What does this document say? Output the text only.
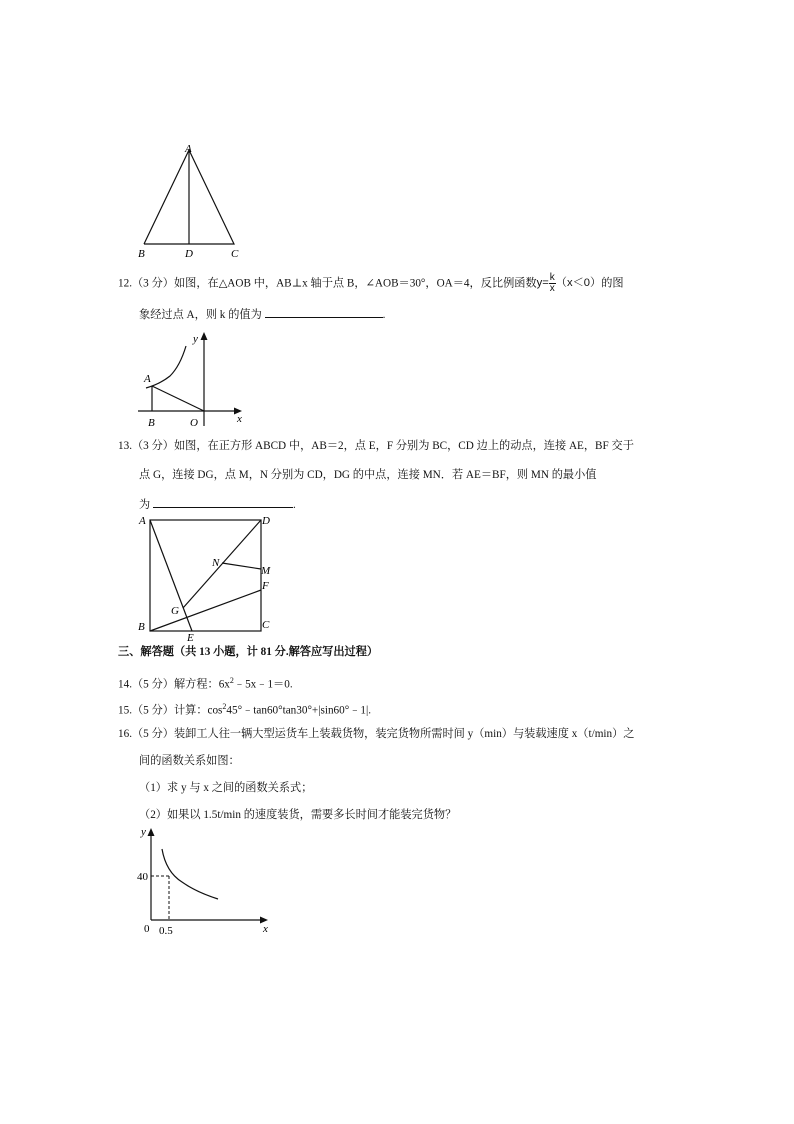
A
B	D	C
12.（3 分）如图，在△AOB 中，AB⊥x 轴于点 B，∠AOB＝30°，OA＝4，反比例函数$y= \frac{k}{x} (x<0)$的图
象经过点 A，则 k 的值为	.
y
A
B	O	x
13.（3 分）如图，在正方形 ABCD 中，AB＝2，点 E，F 分别为 BC，CD 边上的动点，连接 AE，BF 交于
点 G，连接 DG，点 M，N 分别为 CD，DG 的中点，连接 MN．若 AE＝BF，则 MN 的最小值
为	.
A	D
N
M
F
G
B
E
C
三、解答题（共 13 小题，计 81 分.解答应写出过程）
14.（5 分）解方程：$6x^2﹣5x﹣1=0$.
15.（5 分）计算：$\cos^245^\circ﹣\tan 60^\circ\tan 30^\circ+|\sin 60^\circ﹣1|$.
16.（5 分）装卸工人往一辆大型运货车上装载货物，装完货物所需时间 y（min）与装载速度 x（t/min）之
间的函数关系如图：
（1）求 y 与 x 之间的函数关系式；
（2）如果以 1.5t/min 的速度装货，需要多长时间才能装完货物？
y
40
0 0.5	x
